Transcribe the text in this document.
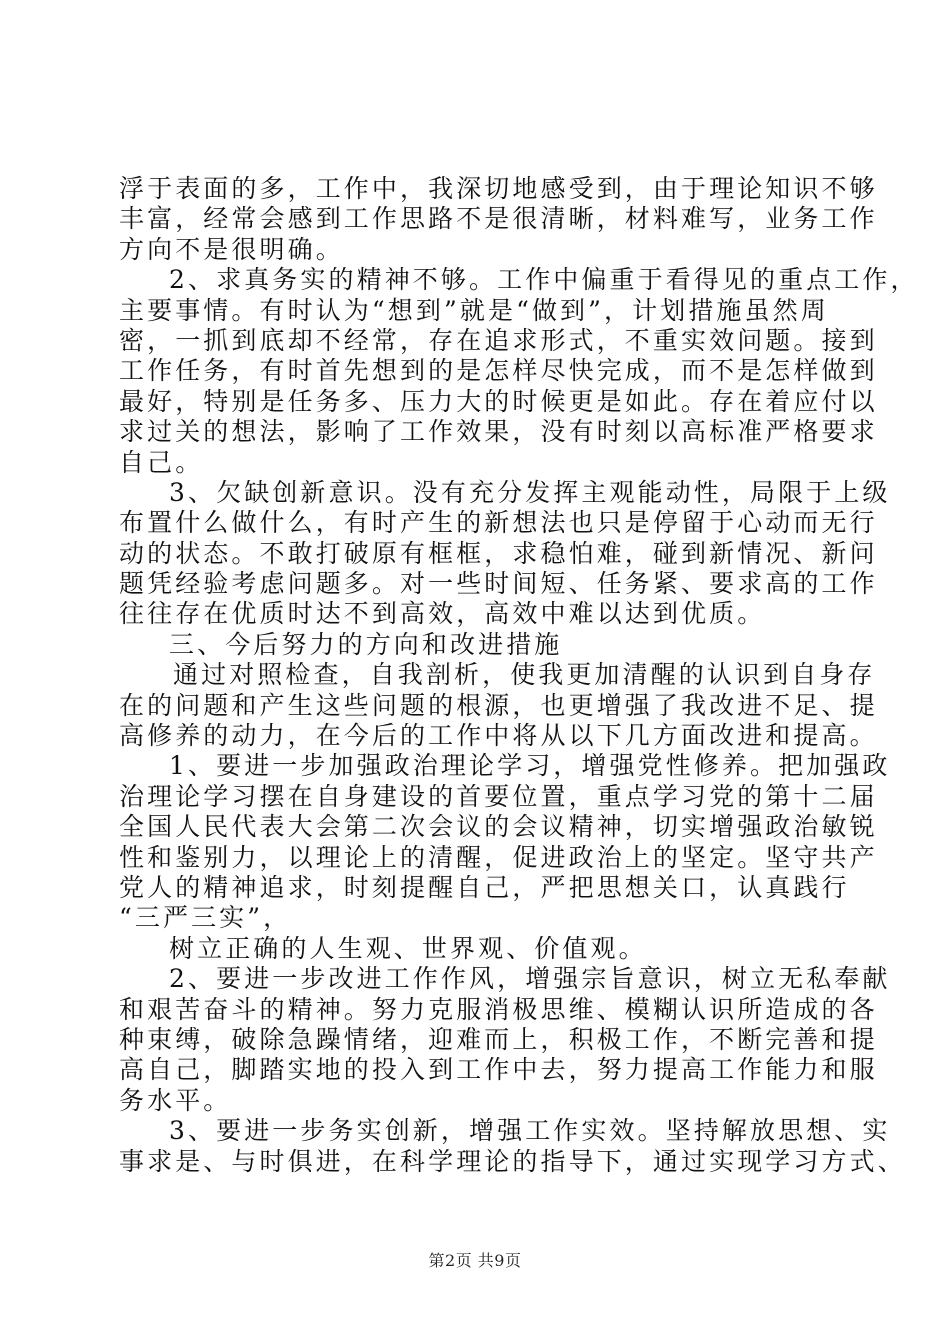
浮于表面的多，工作中，我深切地感受到，由于理论知识不够
丰富，经常会感到工作思路不是很清晰，材料难写，业务工作
方向不是很明确。
2、求真务实的精神不够。工作中偏重于看得见的重点工作，
主要事情。有时认为“想到”就是“做到”，计划措施虽然周
密，一抓到底却不经常，存在追求形式，不重实效问题。接到
工作任务，有时首先想到的是怎样尽快完成，而不是怎样做到
最好，特别是任务多、压力大的时候更是如此。存在着应付以
求过关的想法，影响了工作效果，没有时刻以高标准严格要求
自己。
3、欠缺创新意识。没有充分发挥主观能动性，局限于上级
布置什么做什么，有时产生的新想法也只是停留于心动而无行
动的状态。不敢打破原有框框，求稳怕难，碰到新情况、新问
题凭经验考虑问题多。对一些时间短、任务紧、要求高的工作
往往存在优质时达不到高效，高效中难以达到优质。
三、今后努力的方向和改进措施
通过对照检查，自我剖析，使我更加清醒的认识到自身存
在的问题和产生这些问题的根源，也更增强了我改进不足、提
高修养的动力，在今后的工作中将从以下几方面改进和提高。
1、要进一步加强政治理论学习，增强党性修养。把加强政
治理论学习摆在自身建设的首要位置，重点学习党的第十二届
全国人民代表大会第二次会议的会议精神，切实增强政治敏锐
性和鉴别力，以理论上的清醒，促进政治上的坚定。坚守共产
党人的精神追求，时刻提醒自己，严把思想关口，认真践行
“三严三实”，
树立正确的人生观、世界观、价值观。
2、要进一步改进工作作风，增强宗旨意识，树立无私奉献
和艰苦奋斗的精神。努力克服消极思维、模糊认识所造成的各
种束缚，破除急躁情绪，迎难而上，积极工作，不断完善和提
高自己，脚踏实地的投入到工作中去，努力提高工作能力和服
务水平。
3、要进一步务实创新，增强工作实效。坚持解放思想、实
事求是、与时俱进，在科学理论的指导下，通过实现学习方式、
第2页 共9页
